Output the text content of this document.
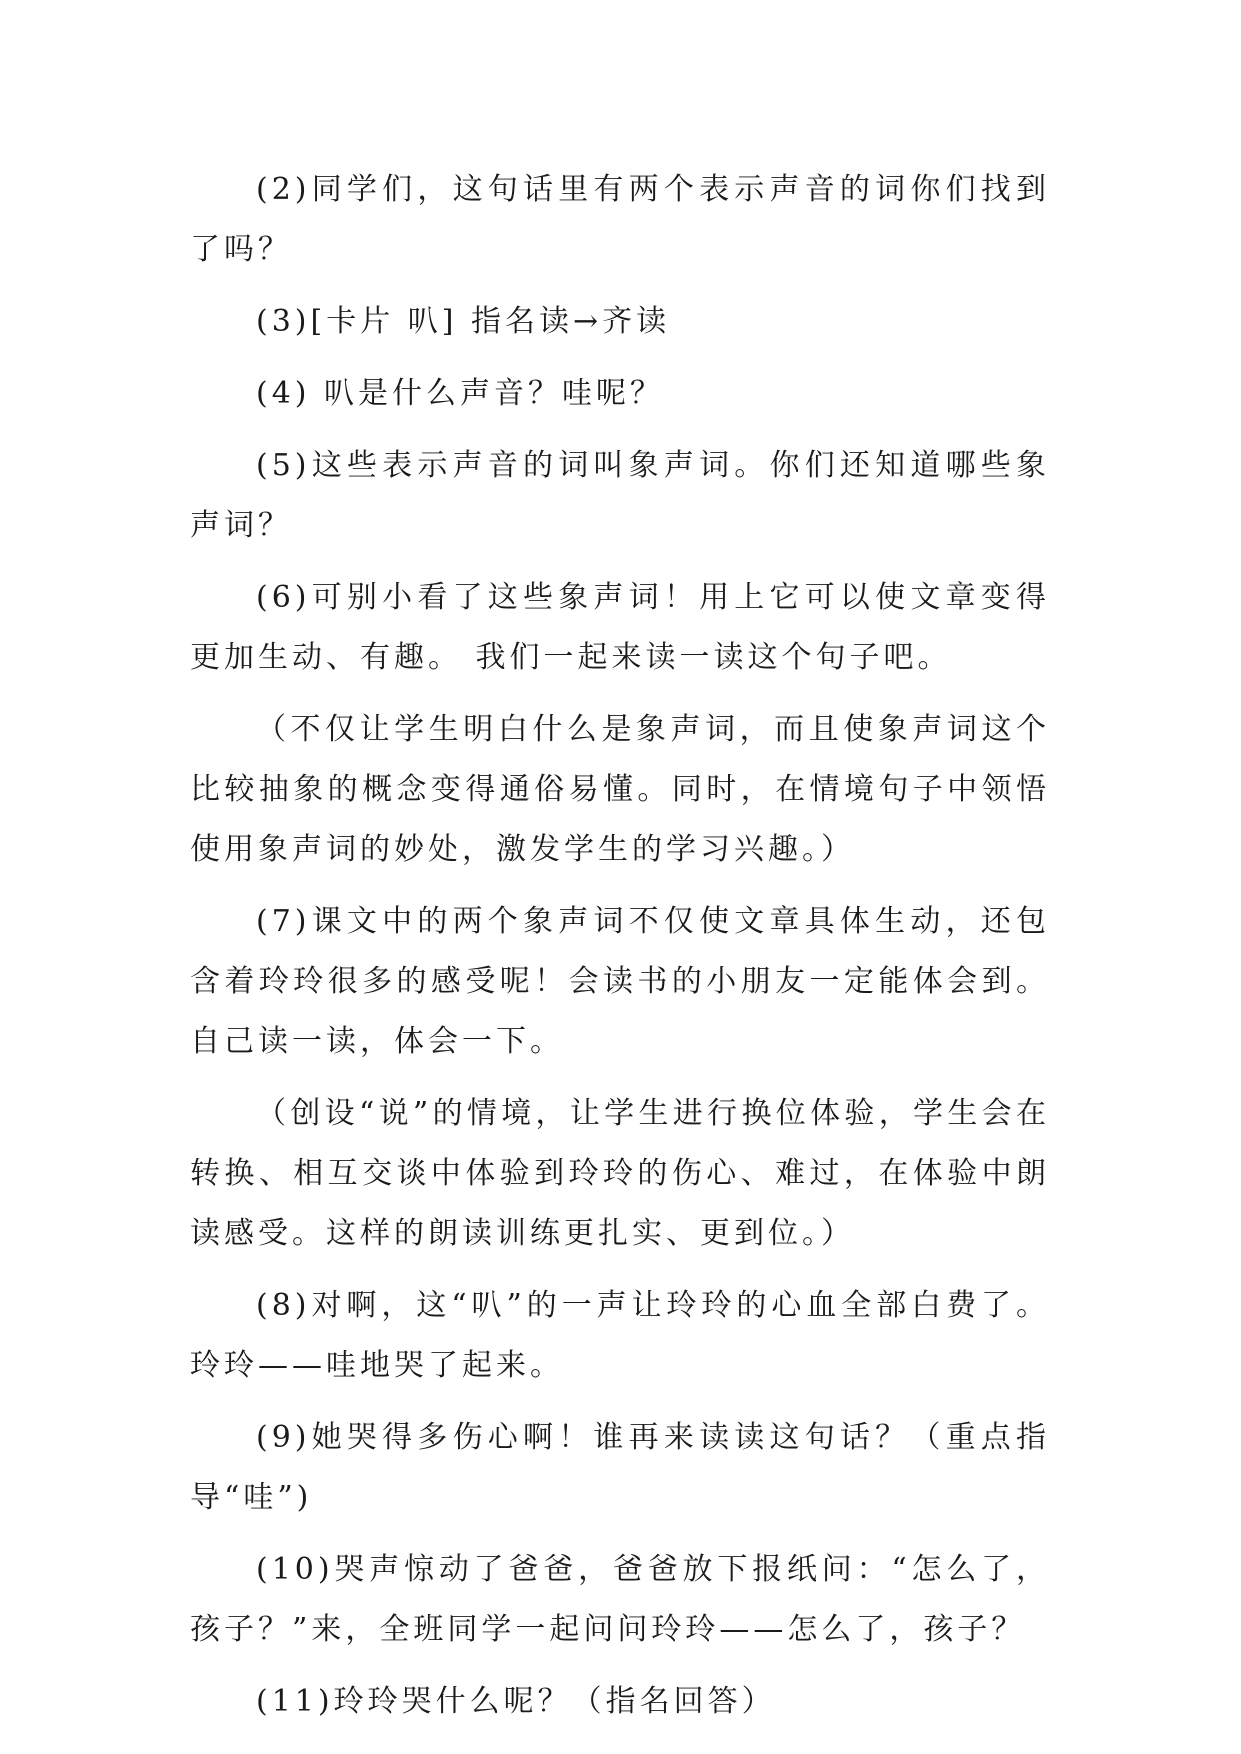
(2)同学们，这句话里有两个表示声音的词你们找到了吗？

(3)[卡片 叭] 指名读→齐读

(4) 叭是什么声音？哇呢？

(5)这些表示声音的词叫象声词。你们还知道哪些象声词？

(6)可别小看了这些象声词！用上它可以使文章变得更加生动、有趣。 我们一起来读一读这个句子吧。

（不仅让学生明白什么是象声词，而且使象声词这个比较抽象的概念变得通俗易懂。同时，在情境句子中领悟使用象声词的妙处，激发学生的学习兴趣。）

(7)课文中的两个象声词不仅使文章具体生动，还包含着玲玲很多的感受呢！会读书的小朋友一定能体会到。自己读一读，体会一下。

（创设“说”的情境，让学生进行换位体验，学生会在转换、相互交谈中体验到玲玲的伤心、难过，在体验中朗读感受。这样的朗读训练更扎实、更到位。）

(8)对啊，这“叭”的一声让玲玲的心血全部白费了。玲玲——哇地哭了起来。

(9)她哭得多伤心啊！谁再来读读这句话？（重点指导“哇”)

(10)哭声惊动了爸爸，爸爸放下报纸问：“怎么了，孩子？”来，全班同学一起问问玲玲——怎么了，孩子？

(11)玲玲哭什么呢？（指名回答）
